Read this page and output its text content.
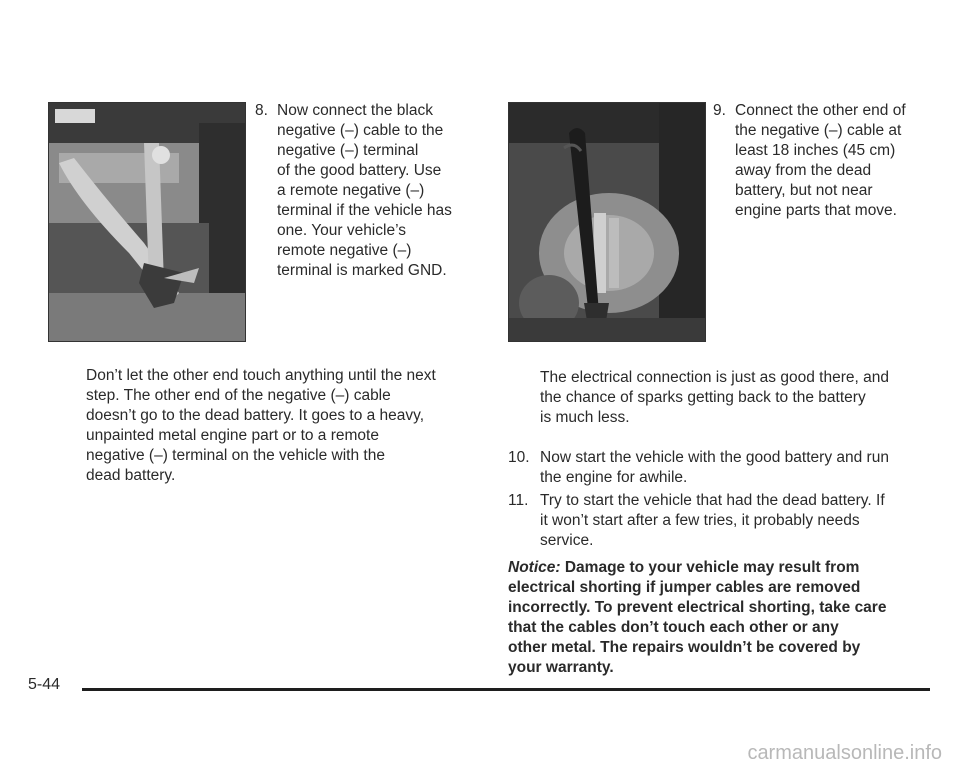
8. Now connect the black
negative (–) cable to the
negative (–) terminal
of the good battery. Use
a remote negative (–)
terminal if the vehicle has
one. Your vehicle’s
remote negative (–)
terminal is marked GND.
Don’t let the other end touch anything until the next
step. The other end of the negative (–) cable
doesn’t go to the dead battery. It goes to a heavy,
unpainted metal engine part or to a remote
negative (–) terminal on the vehicle with the
dead battery.
9. Connect the other end of
the negative (–) cable at
least 18 inches (45 cm)
away from the dead
battery, but not near
engine parts that move.
The electrical connection is just as good there, and
the chance of sparks getting back to the battery
is much less.
10. Now start the vehicle with the good battery and run
the engine for awhile.
11. Try to start the vehicle that had the dead battery. If
it won’t start after a few tries, it probably needs
service.
Notice: Damage to your vehicle may result from
electrical shorting if jumper cables are removed
incorrectly. To prevent electrical shorting, take care
that the cables don’t touch each other or any
other metal. The repairs wouldn’t be covered by
your warranty.
5-44
carmanualsonline.info
